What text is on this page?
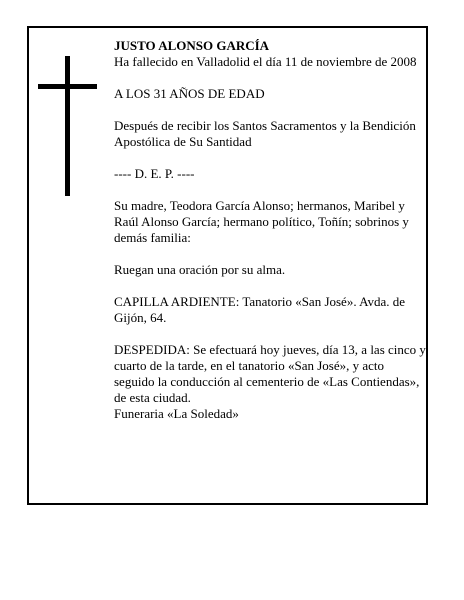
JUSTO ALONSO GARCÍA

Ha fallecido en Valladolid el día 11 de noviembre de 2008

A LOS 31 AÑOS DE EDAD

Después de recibir los Santos Sacramentos y la Bendición Apostólica de Su Santidad

---- D. E. P. ----

Su madre, Teodora García Alonso; hermanos, Maribel y Raúl Alonso García; hermano político, Toñín; sobrinos y demás familia:

Ruegan una oración por su alma.

CAPILLA ARDIENTE: Tanatorio «San José». Avda. de Gijón, 64.

DESPEDIDA: Se efectuará hoy jueves, día 13, a las cinco y cuarto de la tarde, en el tanatorio «San José», y acto seguido la conducción al cementerio de «Las Contiendas», de esta ciudad.

Funeraria «La Soledad»
